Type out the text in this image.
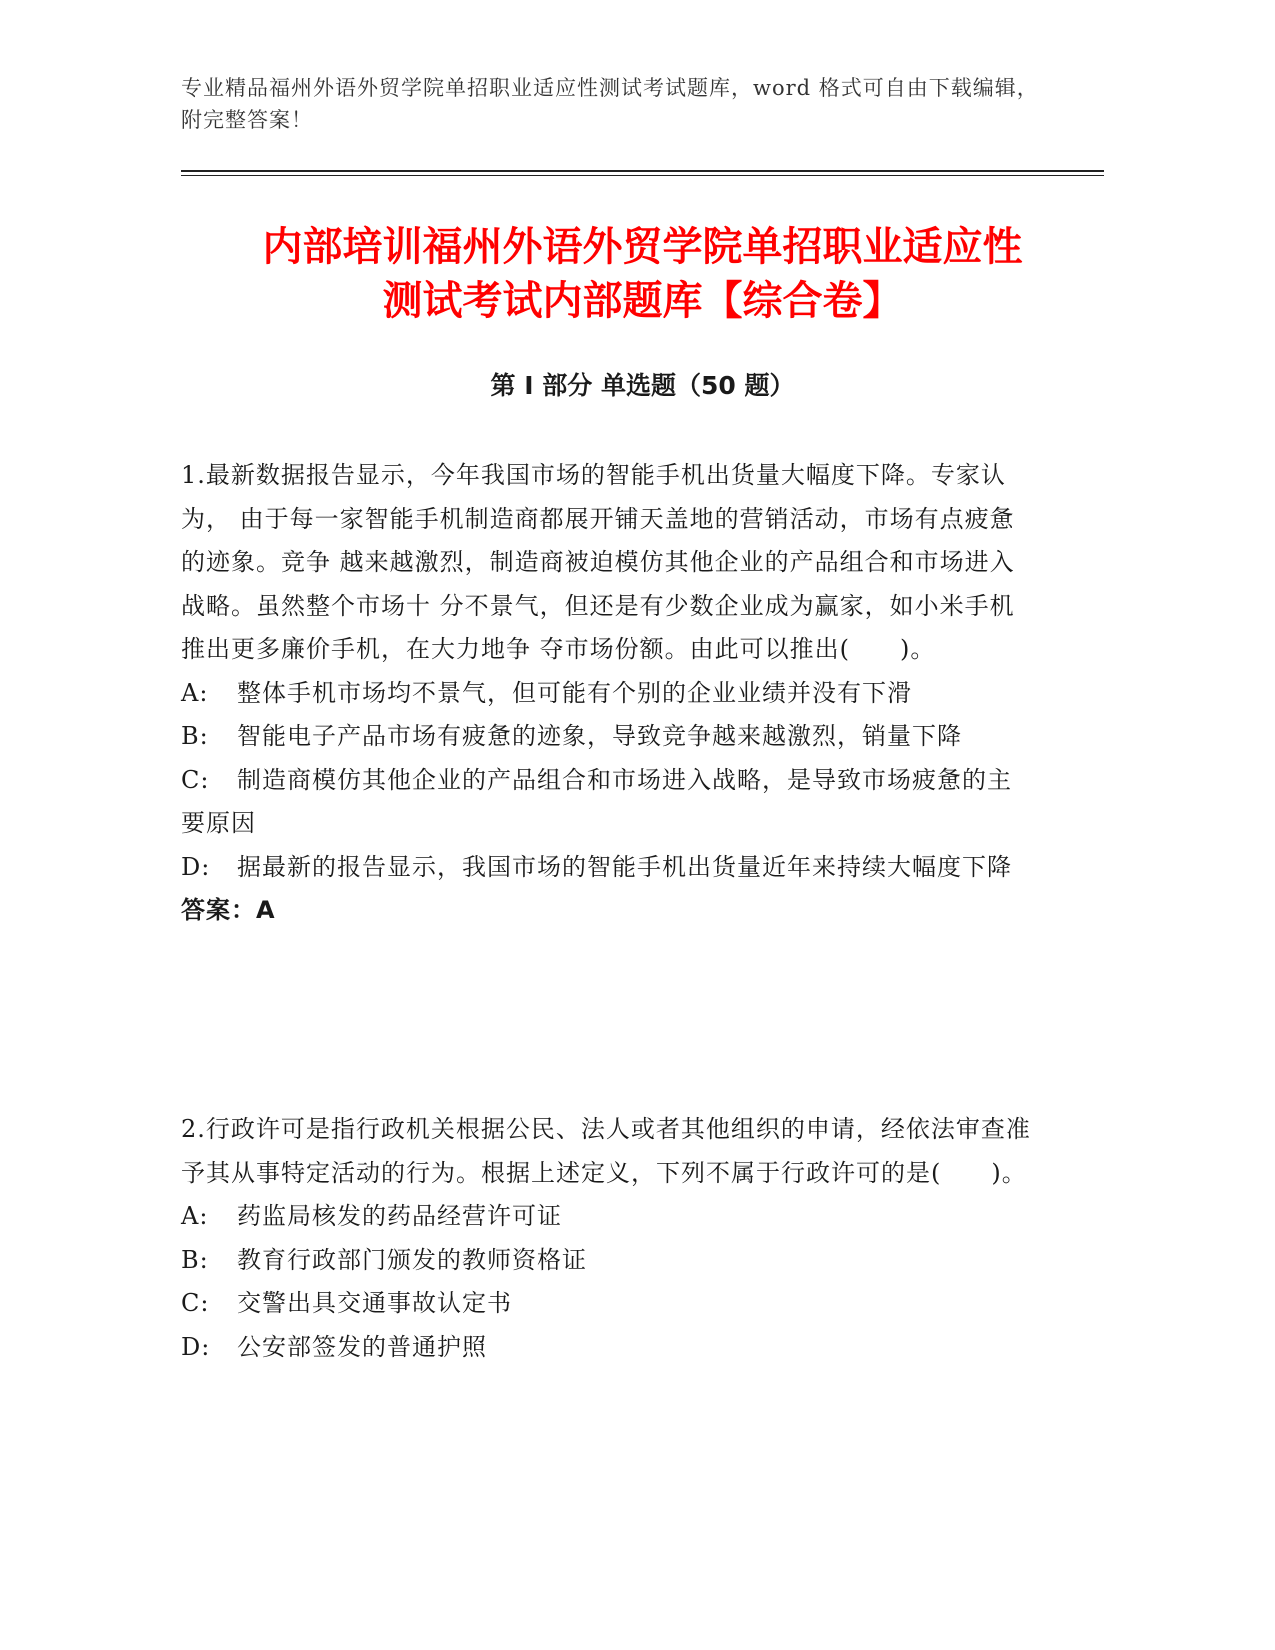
专业精品福州外语外贸学院单招职业适应性测试考试题库，word 格式可自由下载编辑，附完整答案！
内部培训福州外语外贸学院单招职业适应性
测试考试内部题库【综合卷】
第 I 部分 单选题（50 题）

1.最新数据报告显示，今年我国市场的智能手机出货量大幅度下降。专家认为， 由于每一家智能手机制造商都展开铺天盖地的营销活动，市场有点疲惫的迹象。竞争 越来越激烈，制造商被迫模仿其他企业的产品组合和市场进入战略。虽然整个市场十 分不景气，但还是有少数企业成为赢家，如小米手机推出更多廉价手机，在大力地争 夺市场份额。由此可以推出(　　)。

A: 整体手机市场均不景气，但可能有个别的企业业绩并没有下滑

B: 智能电子产品市场有疲惫的迹象，导致竞争越来越激烈，销量下降

C: 制造商模仿其他企业的产品组合和市场进入战略，是导致市场疲惫的主要原因

D: 据最新的报告显示，我国市场的智能手机出货量近年来持续大幅度下降

答案：A

2.行政许可是指行政机关根据公民、法人或者其他组织的申请，经依法审查准予其从事特定活动的行为。根据上述定义，下列不属于行政许可的是(　　)。

A: 药监局核发的药品经营许可证

B: 教育行政部门颁发的教师资格证

C: 交警出具交通事故认定书

D: 公安部签发的普通护照
